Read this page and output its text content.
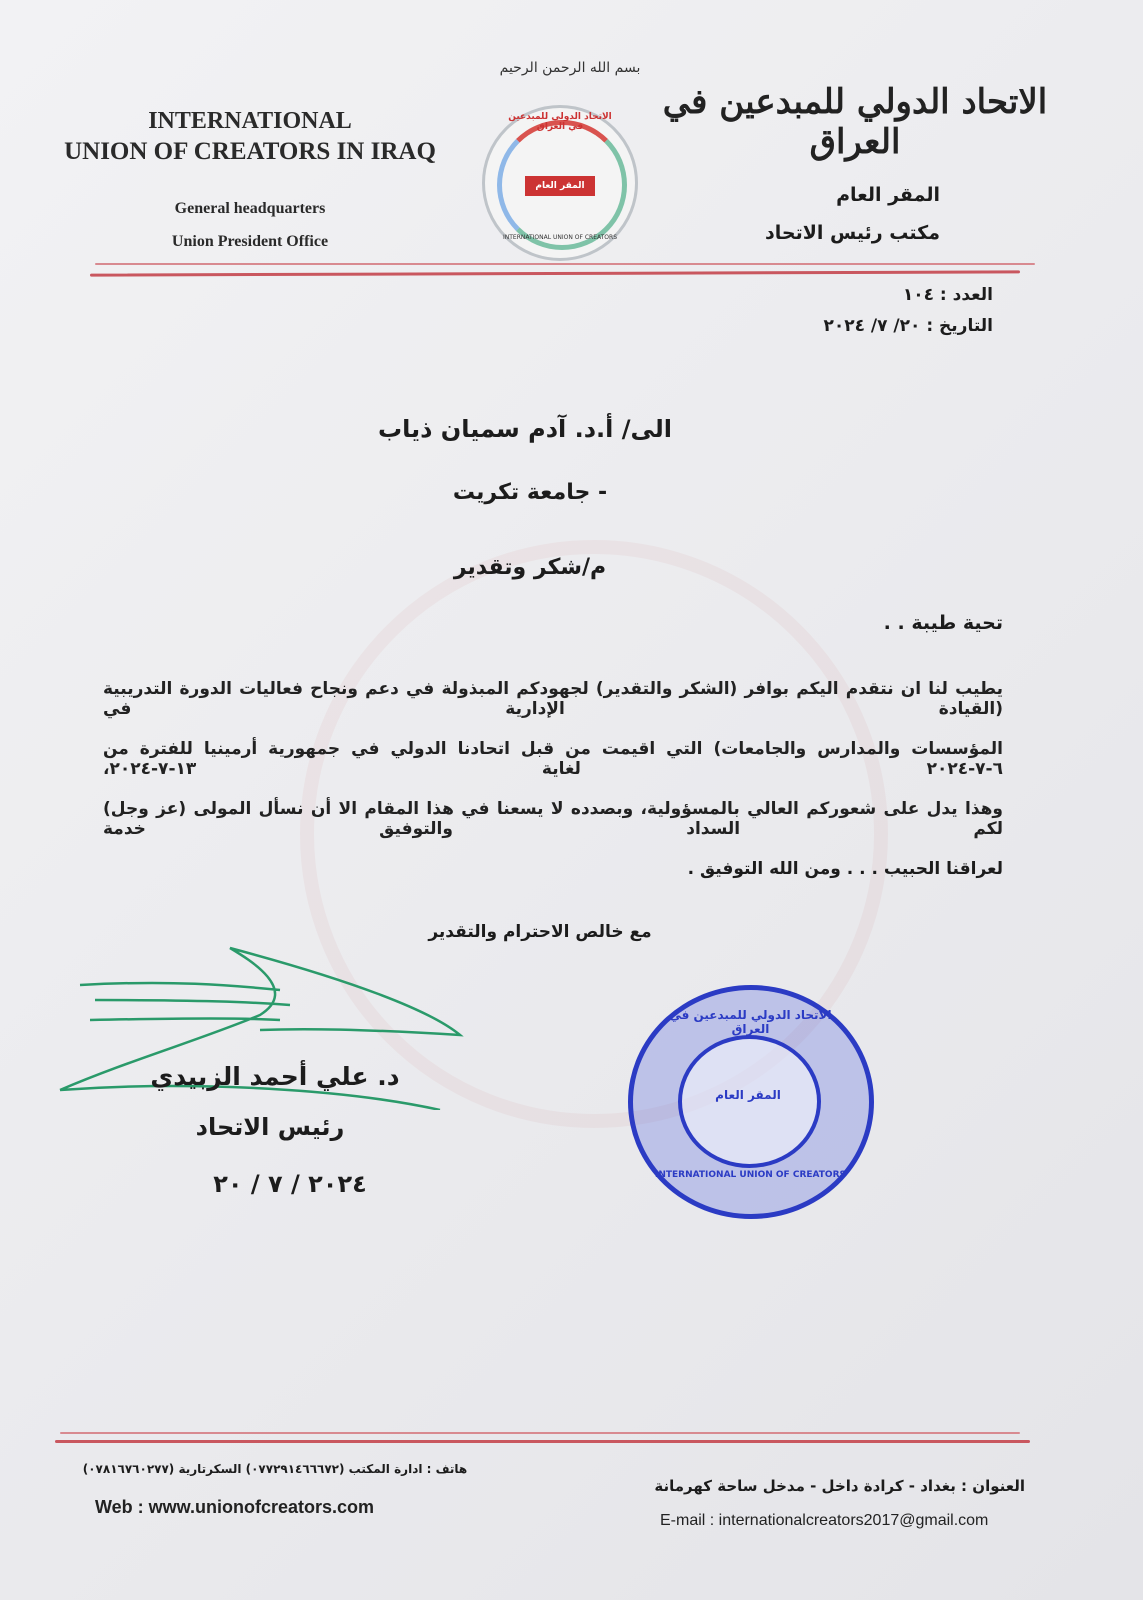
بسم الله الرحمن الرحيم
INTERNATIONAL
UNION OF CREATORS IN IRAQ
General headquarters
Union President Office
الاتحاد الدولي للمبدعين في العراق
المقر العام
INTERNATIONAL UNION OF CREATORS
الاتحاد الدولي للمبدعين في العراق
المقر العام
مكتب رئيس الاتحاد
العدد : ١٠٤
التاريخ : ٢٠/ ٧/ ٢٠٢٤
الى/ أ.د. آدم سميان ذياب
- جامعة تكريت
م/شكر وتقدير
تحية طيبة . .
يطيب لنا ان نتقدم اليكم بوافر (الشكر والتقدير) لجهودكم المبذولة في دعم ونجاح فعاليات الدورة التدريبية (القيادة الإدارية في
المؤسسات والمدارس والجامعات) التي اقيمت من قبل اتحادنا الدولي في جمهورية أرمينيا للفترة من ٦-٧-٢٠٢٤ لغاية ١٣-٧-٢٠٢٤،
وهذا يدل على شعوركم العالي بالمسؤولية، وبصدده لا يسعنا في هذا المقام الا أن نسأل المولى (عز وجل) لكم السداد والتوفيق خدمة
لعراقنا الحبيب . . . ومن الله التوفيق .
مع خالص الاحترام والتقدير
د. علي أحمد الزبيدي
رئيس الاتحاد
٢٠٢٤ / ٧ / ٢٠
الاتحاد الدولي للمبدعين في العراق
المقر العام
INTERNATIONAL UNION OF CREATORS
العنوان : بغداد - كرادة داخل - مدخل ساحة كهرمانة
E-mail : internationalcreators2017@gmail.com
هاتف : ادارة المكتب (٠٧٧٢٩١٤٦٦٦٧٢) السكرتارية (٠٧٨١٦٧٦٠٢٧٧)
Web : www.unionofcreators.com
